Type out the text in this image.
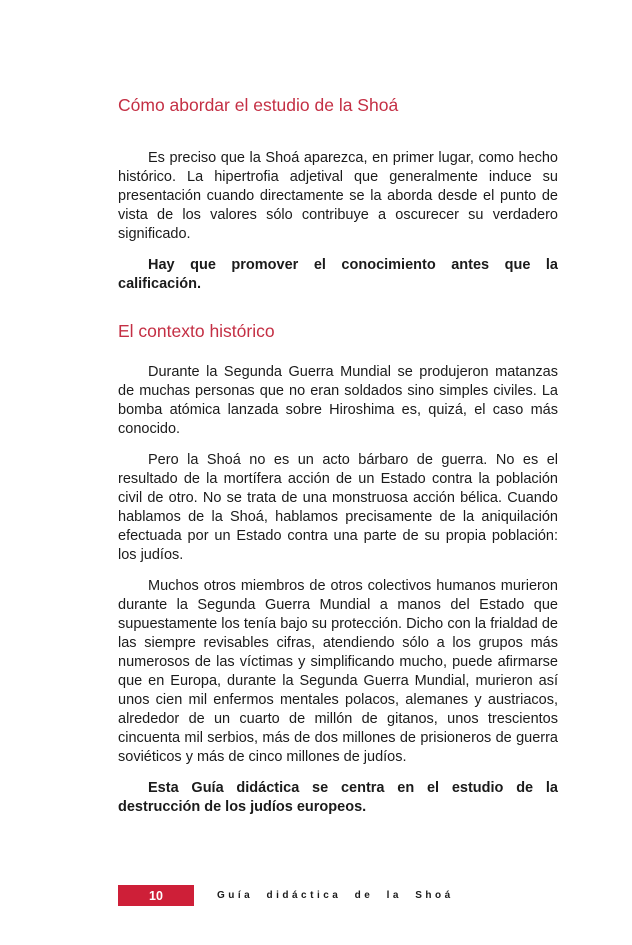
Cómo abordar el estudio de la Shoá

Es preciso que la Shoá aparezca, en primer lugar, como hecho histórico. La hipertrofia adjetival que generalmente induce su presentación cuando directamente se la aborda desde el punto de vista de los valores sólo contribuye a oscurecer su verdadero significado.

Hay que promover el conocimiento antes que la calificación.

El contexto histórico

Durante la Segunda Guerra Mundial se produjeron matanzas de muchas personas que no eran soldados sino simples civiles. La bomba atómica lanzada sobre Hiroshima es, quizá, el caso más conocido.

Pero la Shoá no es un acto bárbaro de guerra. No es el resultado de la mortífera acción de un Estado contra la población civil de otro. No se trata de una monstruosa acción bélica. Cuando hablamos de la Shoá, hablamos precisamente de la aniquilación efectuada por un Estado contra una parte de su propia población: los judíos.

Muchos otros miembros de otros colectivos humanos murieron durante la Segunda Guerra Mundial a manos del Estado que supuestamente los tenía bajo su protección. Dicho con la frialdad de las siempre revisables cifras, atendiendo sólo a los grupos más numerosos de las víctimas y simplificando mucho, puede afirmarse que en Europa, durante la Segunda Guerra Mundial, murieron así unos cien mil enfermos mentales polacos, alemanes y austriacos, alrededor de un cuarto de millón de gitanos, unos trescientos cincuenta mil serbios, más de dos millones de prisioneros de guerra soviéticos y más de cinco millones de judíos.

Esta Guía didáctica se centra en el estudio de la destrucción de los judíos europeos.

10	Guía didáctica de la Shoá
